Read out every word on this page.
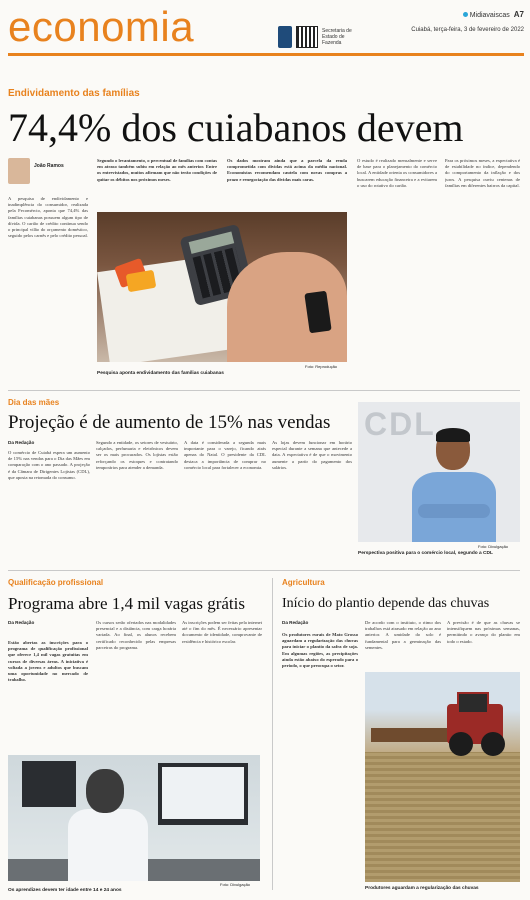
economia	Secretaria de Estado de Fazenda
Midiavaiscas A7
Cuiabá, terça-feira, 3 de fevereiro de 2022
Endividamento das famílias
74,4% dos cuiabanos devem
João Ramos

A pesquisa de endividamento e inadimplência do consumidor, realizada pela Fecomércio, aponta que 74,4% das famílias cuiabanas possuem algum tipo de dívida. O cartão de crédito continua sendo o principal vilão do orçamento doméstico, seguido pelos carnês e pelo crédito pessoal.

Segundo o levantamento, o percentual de famílias com contas em atraso também subiu em relação ao mês anterior. Entre os entrevistados, muitos afirmam que não terão condições de quitar os débitos nos próximos meses.

Os dados mostram ainda que a parcela da renda comprometida com dívidas está acima da média nacional. Economistas recomendam cautela com novas compras a prazo e renegociação das dívidas mais caras.

O estudo é realizado mensalmente e serve de base para o planejamento do comércio local. A entidade orienta os consumidores a buscarem educação financeira e a evitarem o uso do rotativo do cartão.

Para os próximos meses, a expectativa é de estabilidade no índice, dependendo do comportamento da inflação e dos juros. A pesquisa ouviu centenas de famílias em diferentes bairros da capital.

Foto: Reprodução
Pesquisa aponta endividamento das famílias cuiabanas
Dia das mães
Projeção é de aumento de 15% nas vendas
Da Redação

O comércio de Cuiabá espera um aumento de 15% nas vendas para o Dia das Mães em comparação com o ano passado. A projeção é da Câmara de Dirigentes Lojistas (CDL), que aposta na retomada do consumo.

Segundo a entidade, os setores de vestuário, calçados, perfumaria e eletrônicos devem ser os mais procurados. Os lojistas estão reforçando os estoques e contratando temporários para atender a demanda.

A data é considerada a segunda mais importante para o varejo, ficando atrás apenas do Natal. O presidente da CDL destaca a importância de comprar no comércio local para fortalecer a economia.

As lojas devem funcionar em horário especial durante a semana que antecede a data. A expectativa é de que o movimento aumente a partir do pagamento dos salários.

CDL
Foto: Divulgação
Perspectiva positiva para o comércio local, segundo a CDL
Qualificação profissional
Programa abre 1,4 mil vagas grátis
Da Redação

Estão abertas as inscrições para o programa de qualificação profissional que oferece 1,4 mil vagas gratuitas em cursos de diversas áreas. A iniciativa é voltada a jovens e adultos que buscam uma oportunidade no mercado de trabalho.

Os cursos serão ofertados nas modalidades presencial e a distância, com carga horária variada. Ao final, os alunos recebem certificado reconhecido pelas empresas parceiras do programa.

As inscrições podem ser feitas pela internet até o fim do mês. É necessário apresentar documento de identidade, comprovante de residência e histórico escolar.

Foto: Divulgação
Os aprendizes devem ter idade entre 14 e 24 anos
Agricultura
Início do plantio depende das chuvas
Da Redação

Os produtores rurais de Mato Grosso aguardam a regularização das chuvas para iniciar o plantio da safra de soja. Em algumas regiões, as precipitações ainda estão abaixo do esperado para o período, o que preocupa o setor.

De acordo com o instituto, o ritmo dos trabalhos está atrasado em relação ao ano anterior. A umidade do solo é fundamental para a germinação das sementes.

A previsão é de que as chuvas se intensifiquem nas próximas semanas, permitindo o avanço do plantio em todo o estado.

Produtores aguardam a regularização das chuvas
